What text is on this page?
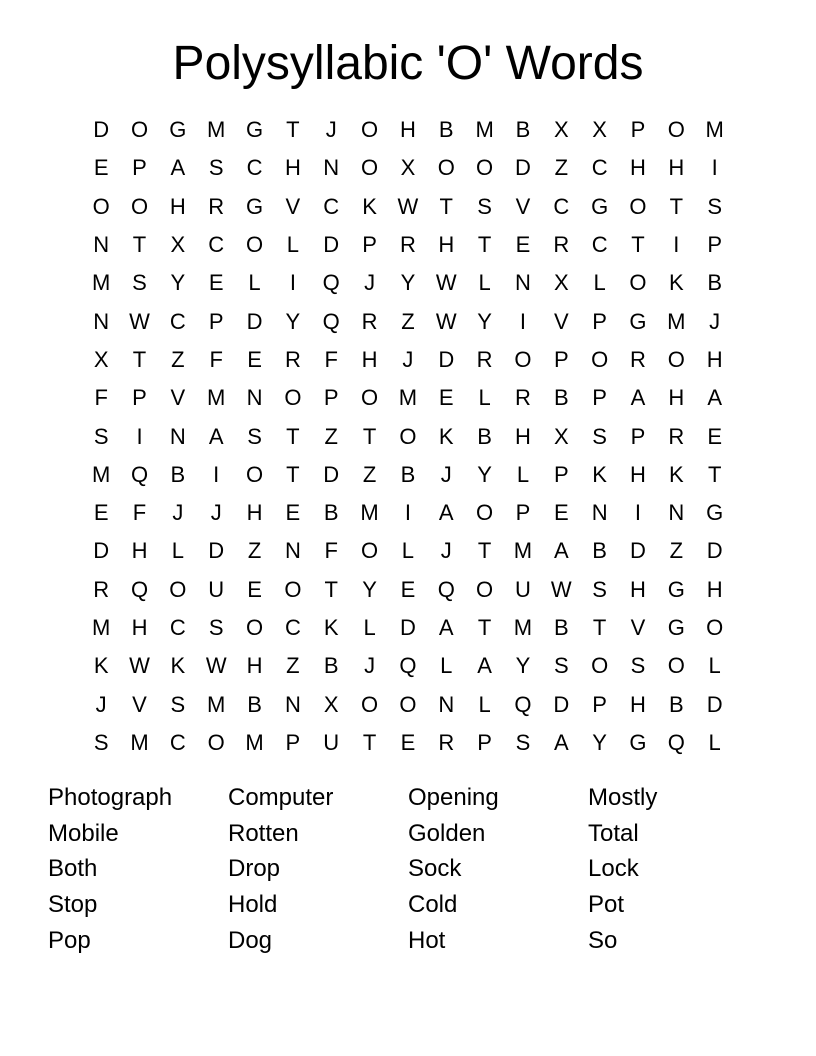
Polysyllabic 'O' Words
D O G M G	T	J	O H	B M B	X	X	P	O M
E	P	A	S	C	H	N O	X	O O D	Z	C	H	H	I
O O H	R G	V	C	K W T	S	V	C G O	T	S
N	T	X	C O	L	D	P	R	H	T	E	R	C	T	I	P
M S	Y	E	L	I	Q	J	Y W L	N	X	L	O	K	B
N W C	P	D	Y	Q R	Z W Y	I	V	P	G M	J
X	T	Z	F	E	R	F	H	J	D	R O	P	O R O H
F	P	V M N O	P	O M E	L	R	B	P	A	H	A
S	I	N	A	S	T	Z	T	O	K	B	H	X	S	P	R	E
M Q	B	I	O	T	D	Z	B	J	Y	L	P	K	H	K	T
E	F	J	J	H	E	B M	I	A	O	P	E	N	I	N G
D	H	L	D	Z	N	F	O	L	J	T	M A	B	D	Z	D
R Q O U	E	O	T	Y	E	Q O U W S	H G H
M H	C	S	O C	K	L	D	A	T	M B	T	V	G O
K W K W H	Z	B	J	Q	L	A	Y	S	O	S	O	L
J	V	S M B	N	X	O O N	L	Q D	P	H	B	D
S M C O M P	U	T	E	R	P	S	A	Y	G Q	L
Photograph	Computer	Opening	Mostly
Mobile	Rotten	Golden	Total
Both	Drop	Sock	Lock
Stop	Hold	Cold	Pot
Pop	Dog	Hot	So
